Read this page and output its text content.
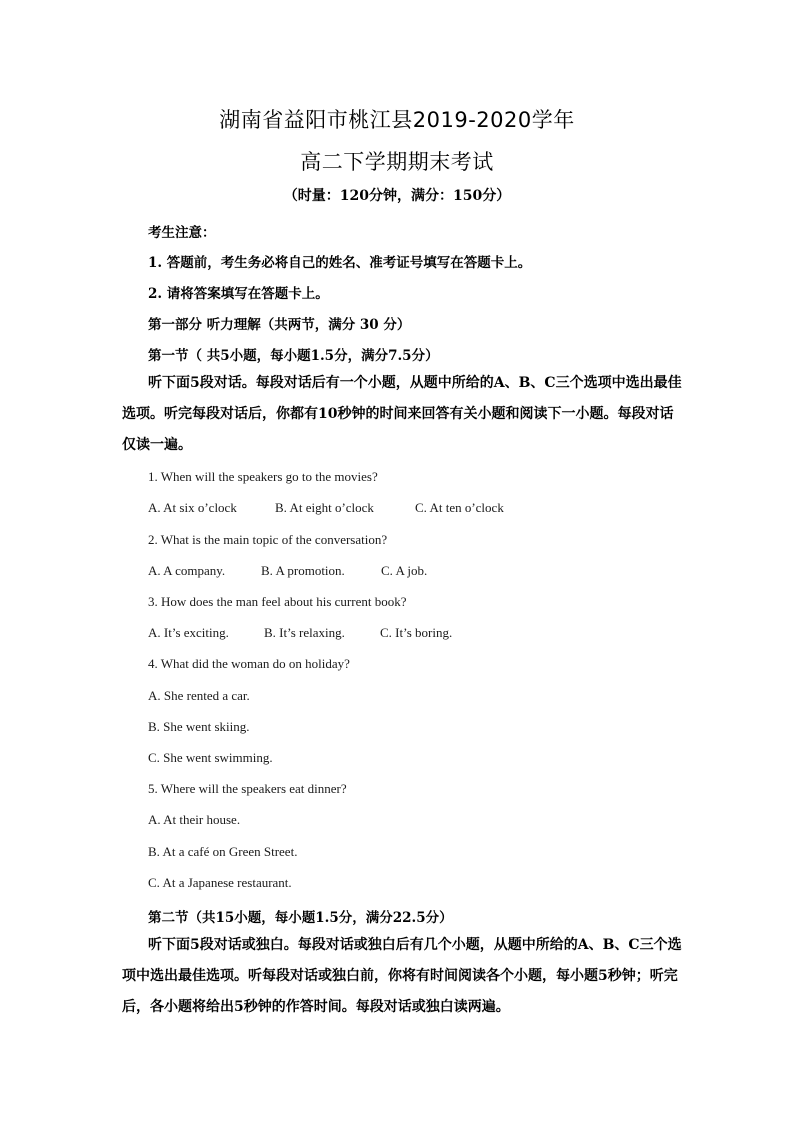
湖南省益阳市桃江县2019-2020学年
高二下学期期末考试
（时量：120分钟，满分：150分）
考生注意：
1. 答题前，考生务必将自己的姓名、准考证号填写在答题卡上。
2. 请将答案填写在答题卡上。
第一部分 听力理解（共两节，满分 30 分）
第一节（ 共5小题，每小题1.5分，满分7.5分）
听下面5段对话。每段对话后有一个小题，从题中所给的A、B、C三个选项中选出最佳选项。听完每段对话后，你都有10秒钟的时间来回答有关小题和阅读下一小题。每段对话仅读一遍。
1. When will the speakers go to the movies?
A. At six o’clock	B. At eight o’clock	C. At ten o’clock
2. What is the main topic of the conversation?
A. A company.	B. A promotion.	C. A job.
3. How does the man feel about his current book?
A. It’s exciting.	B. It’s relaxing.	C. It’s boring.
4. What did the woman do on holiday?
A. She rented a car.
B. She went skiing.
C. She went swimming.
5. Where will the speakers eat dinner?
A. At their house.
B. At a café on Green Street.
C. At a Japanese restaurant.
第二节（共15小题，每小题1.5分，满分22.5分）
听下面5段对话或独白。每段对话或独白后有几个小题，从题中所给的A、B、C三个选项中选出最佳选项。听每段对话或独白前，你将有时间阅读各个小题，每小题5秒钟；听完后，各小题将给出5秒钟的作答时间。每段对话或独白读两遍。
